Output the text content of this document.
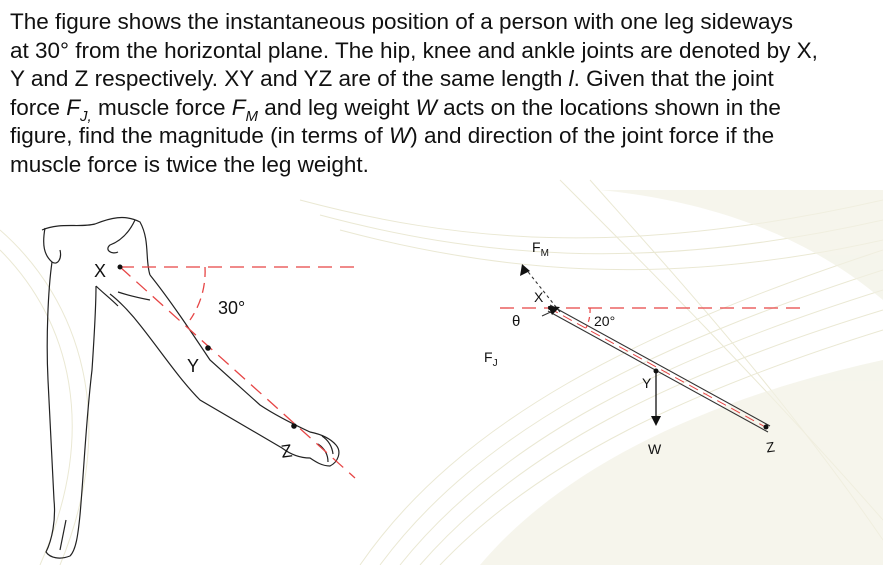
The figure shows the instantaneous position of a person with one leg sideways
at 30° from the horizontal plane. The hip, knee and ankle joints are denoted by X,
Y and Z respectively. XY and YZ are of the same length l. Given that the joint
force $F_{J,}$ muscle force $F_M$ and leg weight W acts on the locations shown in the
figure, find the magnitude (in terms of W) and direction of the joint force if the
muscle force is twice the leg weight.
X
Y
Z
30°
$F_M$
$F_J$
θ
X
Y
Z
W
20°
